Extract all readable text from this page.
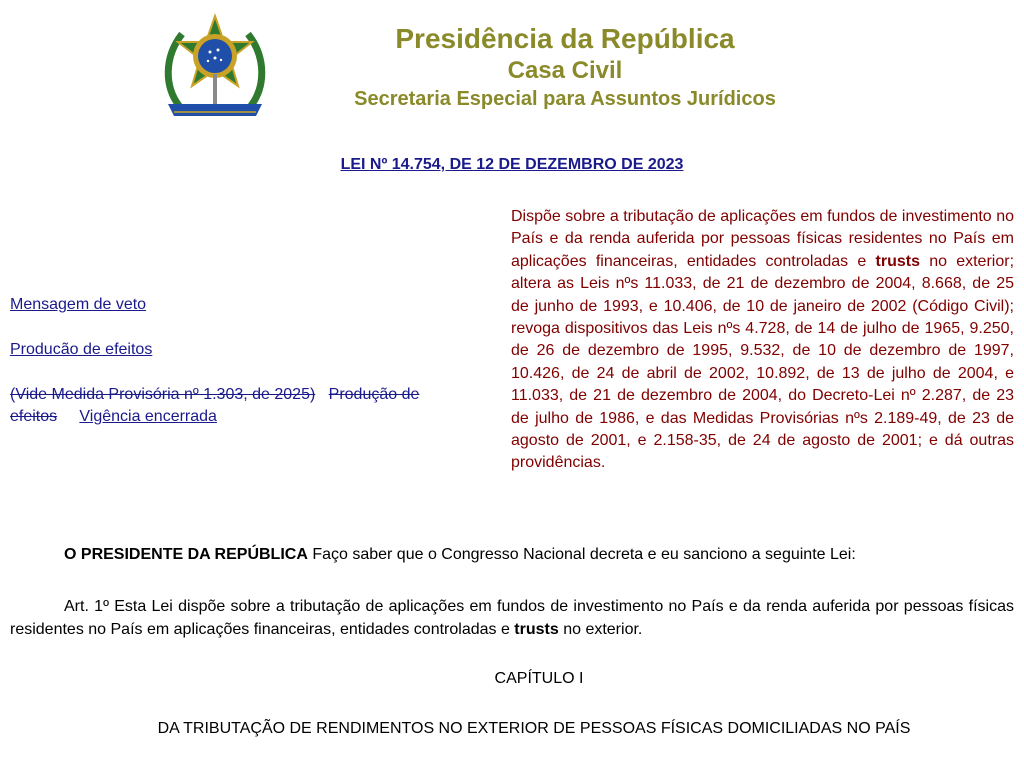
Presidência da República
Casa Civil
Secretaria Especial para Assuntos Jurídicos
LEI Nº 14.754, DE 12 DE DEZEMBRO DE 2023
Dispõe sobre a tributação de aplicações em fundos de investimento no País e da renda auferida por pessoas físicas residentes no País em aplicações financeiras, entidades controladas e trusts no exterior; altera as Leis nºs 11.033, de 21 de dezembro de 2004, 8.668, de 25 de junho de 1993, e 10.406, de 10 de janeiro de 2002 (Código Civil); revoga dispositivos das Leis nºs 4.728, de 14 de julho de 1965, 9.250, de 26 de dezembro de 1995, 9.532, de 10 de dezembro de 1997, 10.426, de 24 de abril de 2002, 10.892, de 13 de julho de 2004, e 11.033, de 21 de dezembro de 2004, do Decreto-Lei nº 2.287, de 23 de julho de 1986, e das Medidas Provisórias nºs 2.189-49, de 23 de agosto de 2001, e 2.158-35, de 24 de agosto de 2001; e dá outras providências.

Mensagem de veto

Producão de efeitos

(Vide Medida Provisória nº 1.303, de 2025) Produção de efeitos Vigência encerrada

O PRESIDENTE DA REPÚBLICA Faço saber que o Congresso Nacional decreta e eu sanciono a seguinte Lei:

Art. 1º Esta Lei dispõe sobre a tributação de aplicações em fundos de investimento no País e da renda auferida por pessoas físicas residentes no País em aplicações financeiras, entidades controladas e trusts no exterior.

CAPÍTULO I

DA TRIBUTAÇÃO DE RENDIMENTOS NO EXTERIOR DE PESSOAS FÍSICAS DOMICILIADAS NO PAÍS
